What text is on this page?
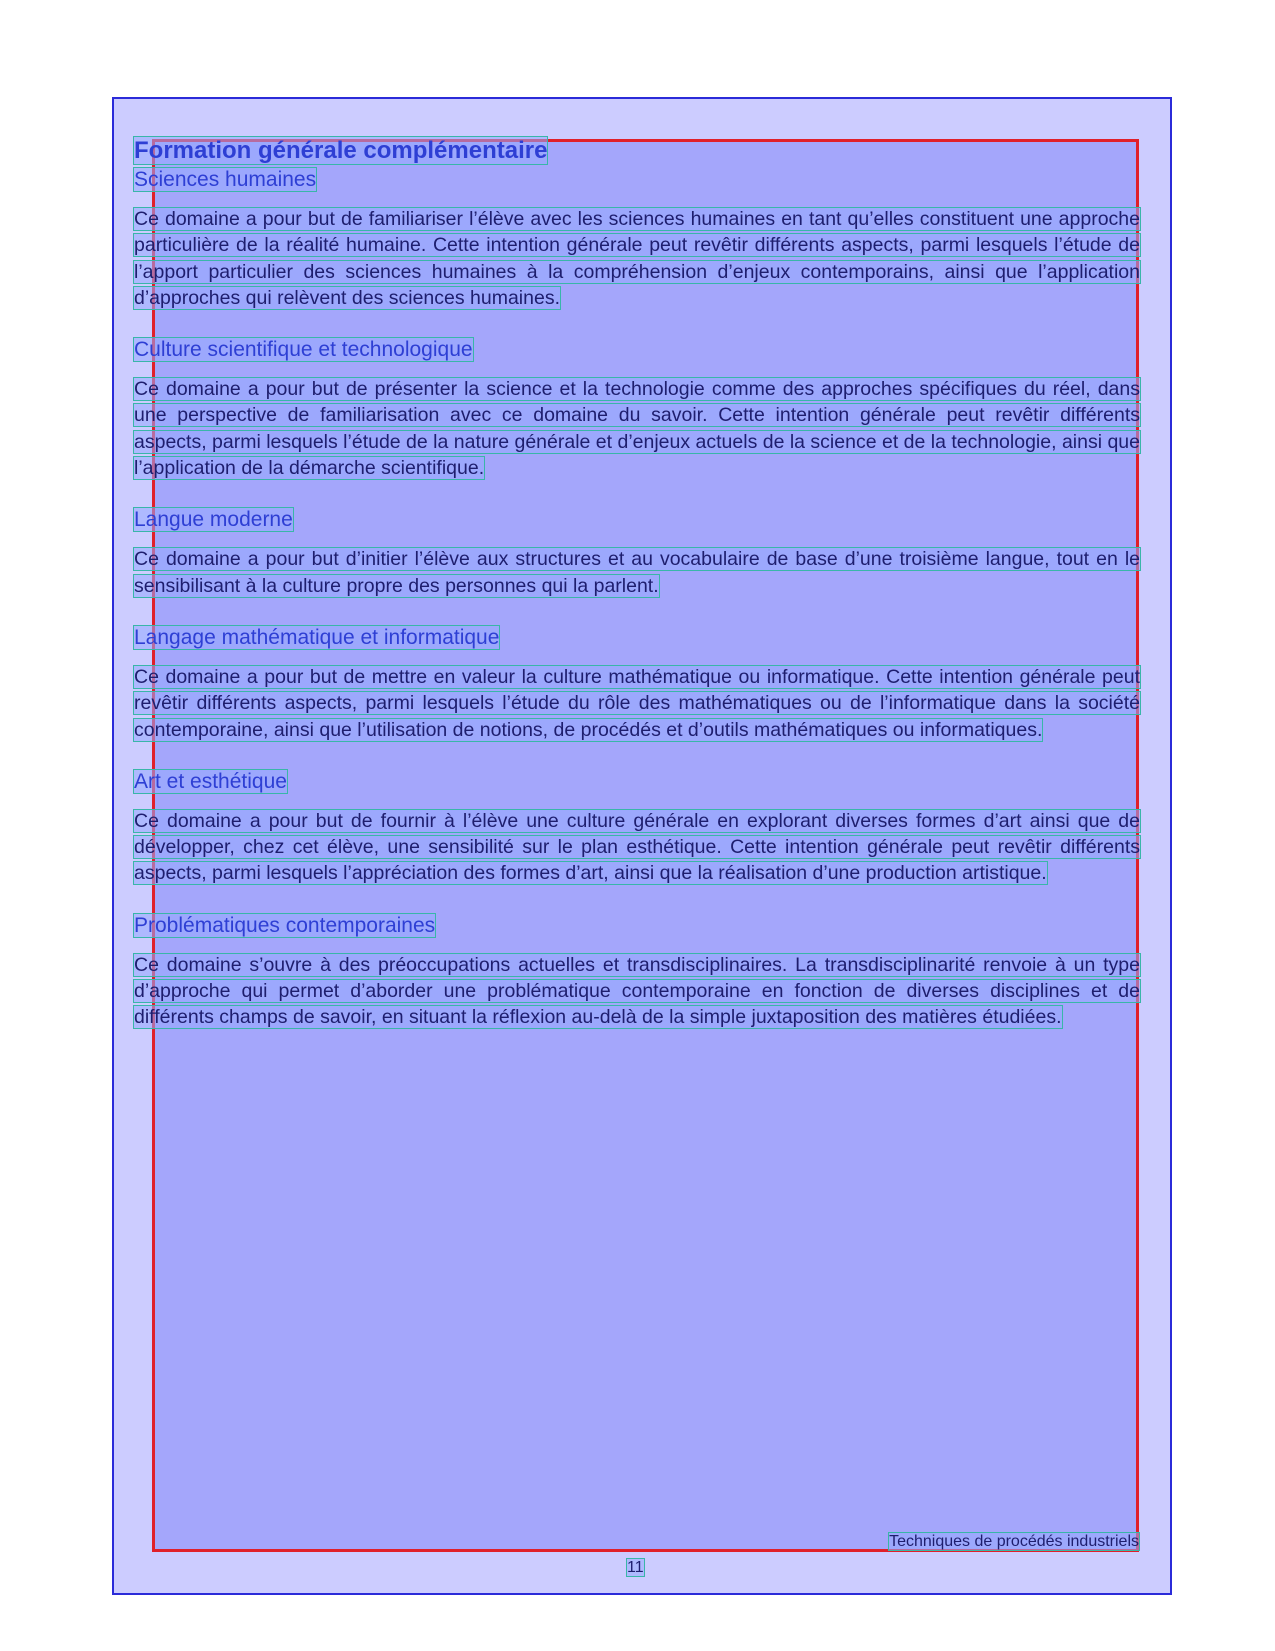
Formation générale complémentaire
Sciences humaines

Ce domaine a pour but de familiariser l’élève avec les sciences humaines en tant qu’elles constituent une approche particulière de la réalité humaine. Cette intention générale peut revêtir différents aspects, parmi lesquels l’étude de l’apport particulier des sciences humaines à la compréhension d’enjeux contemporains, ainsi que l’application d’approches qui relèvent des sciences humaines.

Culture scientifique et technologique

Ce domaine a pour but de présenter la science et la technologie comme des approches spécifiques du réel, dans une perspective de familiarisation avec ce domaine du savoir. Cette intention générale peut revêtir différents aspects, parmi lesquels l’étude de la nature générale et d’enjeux actuels de la science et de la technologie, ainsi que l’application de la démarche scientifique.

Langue moderne

Ce domaine a pour but d’initier l’élève aux structures et au vocabulaire de base d’une troisième langue, tout en le sensibilisant à la culture propre des personnes qui la parlent.

Langage mathématique et informatique

Ce domaine a pour but de mettre en valeur la culture mathématique ou informatique. Cette intention générale peut revêtir différents aspects, parmi lesquels l’étude du rôle des mathématiques ou de l’informatique dans la société contemporaine, ainsi que l’utilisation de notions, de procédés et d’outils mathématiques ou informatiques.

Art et esthétique

Ce domaine a pour but de fournir à l’élève une culture générale en explorant diverses formes d’art ainsi que de développer, chez cet élève, une sensibilité sur le plan esthétique. Cette intention générale peut revêtir différents aspects, parmi lesquels l’appréciation des formes d’art, ainsi que la réalisation d’une production artistique.

Problématiques contemporaines

Ce domaine s’ouvre à des préoccupations actuelles et transdisciplinaires. La transdisciplinarité renvoie à un type d’approche qui permet d’aborder une problématique contemporaine en fonction de diverses disciplines et de différents champs de savoir, en situant la réflexion au-delà de la simple juxtaposition des matières étudiées.

Techniques de procédés industriels
11
